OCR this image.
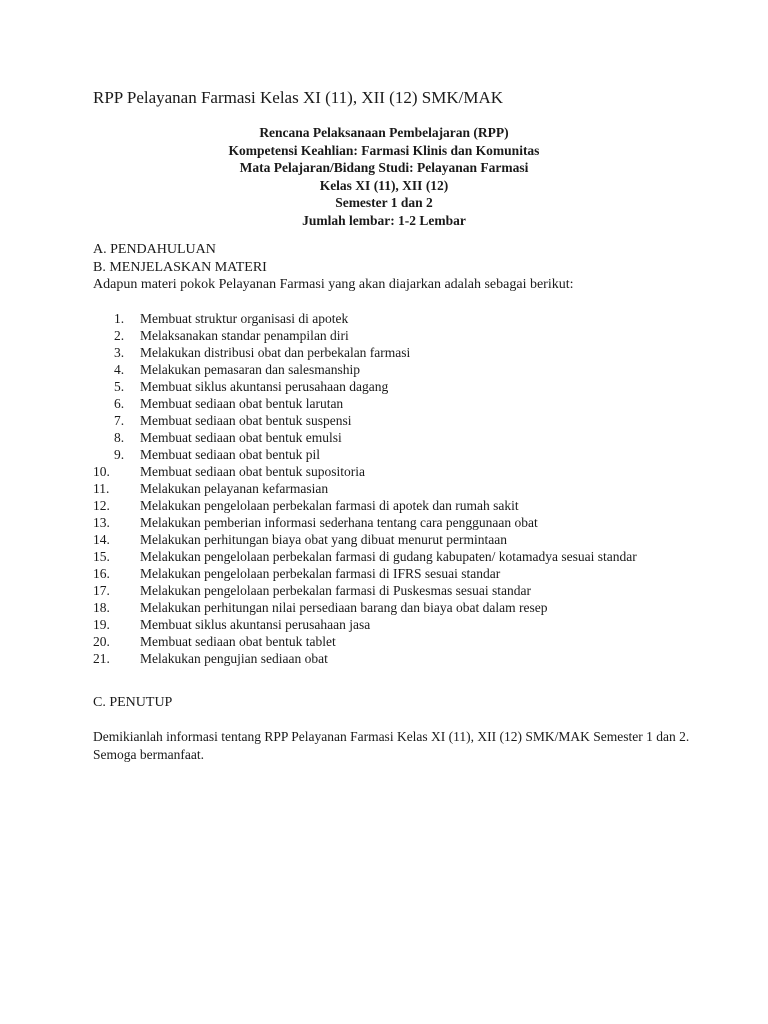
RPP Pelayanan Farmasi Kelas XI (11), XII (12) SMK/MAK
Rencana Pelaksanaan Pembelajaran (RPP)
Kompetensi Keahlian: Farmasi Klinis dan Komunitas
Mata Pelajaran/Bidang Studi: Pelayanan Farmasi
Kelas XI (11), XII (12)
Semester 1 dan 2
Jumlah lembar: 1-2 Lembar
A. PENDAHULUAN
B. MENJELASKAN MATERI
Adapun materi pokok Pelayanan Farmasi yang akan diajarkan adalah sebagai berikut:
1.	Membuat struktur organisasi di apotek
2.	Melaksanakan standar penampilan diri
3.	Melakukan distribusi obat dan perbekalan farmasi
4.	Melakukan pemasaran dan salesmanship
5.	Membuat siklus akuntansi perusahaan dagang
6.	Membuat sediaan obat bentuk larutan
7.	Membuat sediaan obat bentuk suspensi
8.	Membuat sediaan obat bentuk emulsi
9.	Membuat sediaan obat bentuk pil
10.	Membuat sediaan obat bentuk supositoria
11.	Melakukan pelayanan kefarmasian
12.	Melakukan pengelolaan perbekalan farmasi di apotek dan rumah sakit
13.	Melakukan pemberian informasi sederhana tentang cara penggunaan obat
14.	Melakukan perhitungan biaya obat yang dibuat menurut permintaan
15.	Melakukan pengelolaan perbekalan farmasi di gudang kabupaten/ kotamadya sesuai standar
16.	Melakukan pengelolaan perbekalan farmasi di IFRS sesuai standar
17.	Melakukan pengelolaan perbekalan farmasi di Puskesmas sesuai standar
18.	Melakukan perhitungan nilai persediaan barang dan biaya obat dalam resep
19.	Membuat siklus akuntansi perusahaan jasa
20.	Membuat sediaan obat bentuk tablet
21.	Melakukan pengujian sediaan obat
C. PENUTUP
Demikianlah informasi tentang RPP Pelayanan Farmasi Kelas XI (11), XII (12) SMK/MAK Semester 1 dan 2. Semoga bermanfaat.
